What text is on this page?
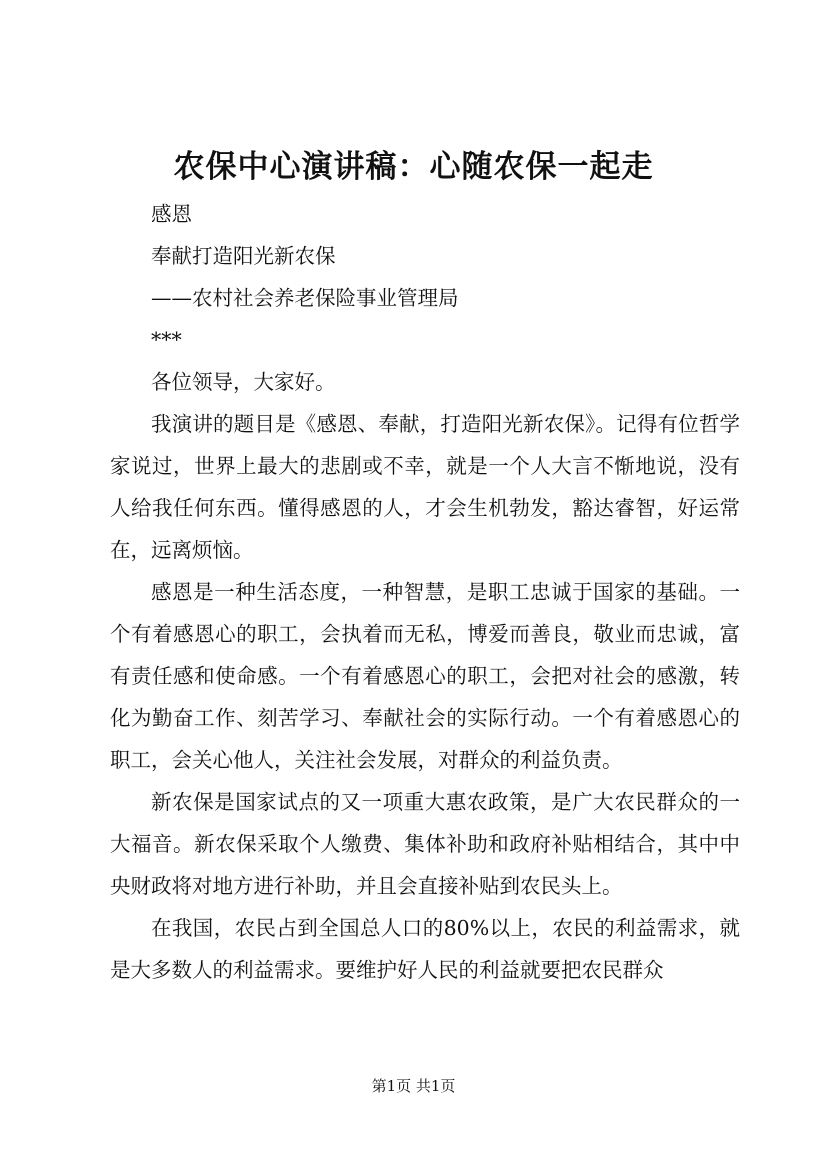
农保中心演讲稿：心随农保一起走

感恩

奉献打造阳光新农保

——农村社会养老保险事业管理局

***

各位领导，大家好。

我演讲的题目是《感恩、奉献，打造阳光新农保》。记得有位哲学家说过，世界上最大的悲剧或不幸，就是一个人大言不惭地说，没有人给我任何东西。懂得感恩的人，才会生机勃发，豁达睿智，好运常在，远离烦恼。

感恩是一种生活态度，一种智慧，是职工忠诚于国家的基础。一个有着感恩心的职工，会执着而无私，博爱而善良，敬业而忠诚，富有责任感和使命感。一个有着感恩心的职工，会把对社会的感激，转化为勤奋工作、刻苦学习、奉献社会的实际行动。一个有着感恩心的职工，会关心他人，关注社会发展，对群众的利益负责。

新农保是国家试点的又一项重大惠农政策，是广大农民群众的一大福音。新农保采取个人缴费、集体补助和政府补贴相结合，其中中央财政将对地方进行补助，并且会直接补贴到农民头上。

在我国，农民占到全国总人口的80%以上，农民的利益需求，就是大多数人的利益需求。要维护好人民的利益就要把农民群众

第1页 共1页
